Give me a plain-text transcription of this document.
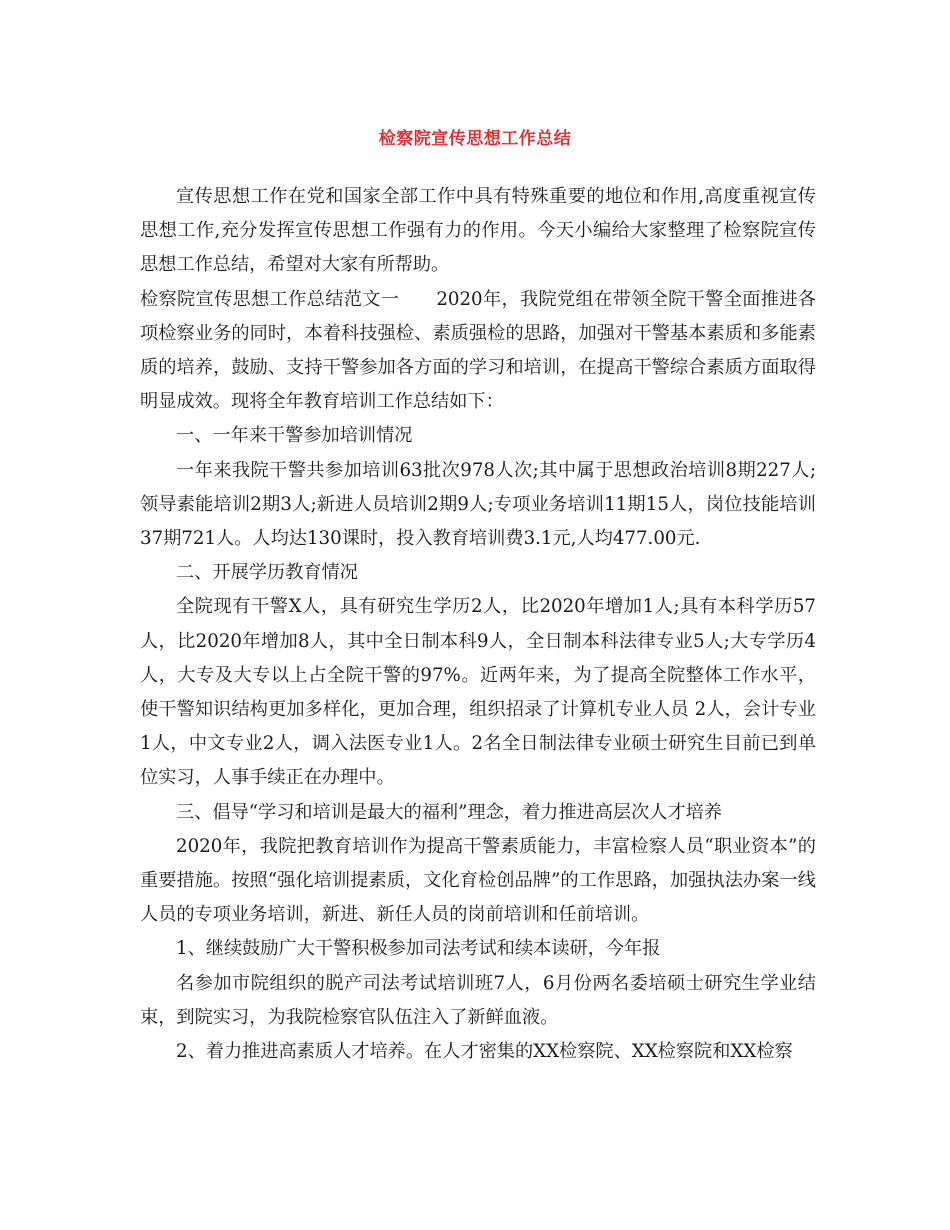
检察院宣传思想工作总结

宣传思想工作在党和国家全部工作中具有特殊重要的地位和作用,高度重视宣传思想工作,充分发挥宣传思想工作强有力的作用。今天小编给大家整理了检察院宣传思想工作总结，希望对大家有所帮助。

检察院宣传思想工作总结范文一　　2020年，我院党组在带领全院干警全面推进各项检察业务的同时，本着科技强检、素质强检的思路，加强对干警基本素质和多能素质的培养，鼓励、支持干警参加各方面的学习和培训，在提高干警综合素质方面取得明显成效。现将全年教育培训工作总结如下：

一、一年来干警参加培训情况

一年来我院干警共参加培训63批次978人次;其中属于思想政治培训8期227人;领导素能培训2期3人;新进人员培训2期9人;专项业务培训11期15人，岗位技能培训37期721人。人均达130课时，投入教育培训费3.1元,人均477.00元.

二、开展学历教育情况

全院现有干警X人，具有研究生学历2人，比2020年增加1人;具有本科学历57人，比2020年增加8人，其中全日制本科9人，全日制本科法律专业5人;大专学历4人，大专及大专以上占全院干警的97%。近两年来，为了提高全院整体工作水平，使干警知识结构更加多样化，更加合理，组织招录了计算机专业人员 2人，会计专业1人，中文专业2人，调入法医专业1人。2名全日制法律专业硕士研究生目前已到单位实习，人事手续正在办理中。

三、倡导“学习和培训是最大的福利”理念，着力推进高层次人才培养

2020年，我院把教育培训作为提高干警素质能力，丰富检察人员“职业资本”的重要措施。按照“强化培训提素质，文化育检创品牌”的工作思路，加强执法办案一线人员的专项业务培训，新进、新任人员的岗前培训和任前培训。

1、继续鼓励广大干警积极参加司法考试和续本读研，今年报

名参加市院组织的脱产司法考试培训班7人，6月份两名委培硕士研究生学业结束，到院实习，为我院检察官队伍注入了新鲜血液。

2、着力推进高素质人才培养。在人才密集的XX检察院、XX检察院和XX检察
